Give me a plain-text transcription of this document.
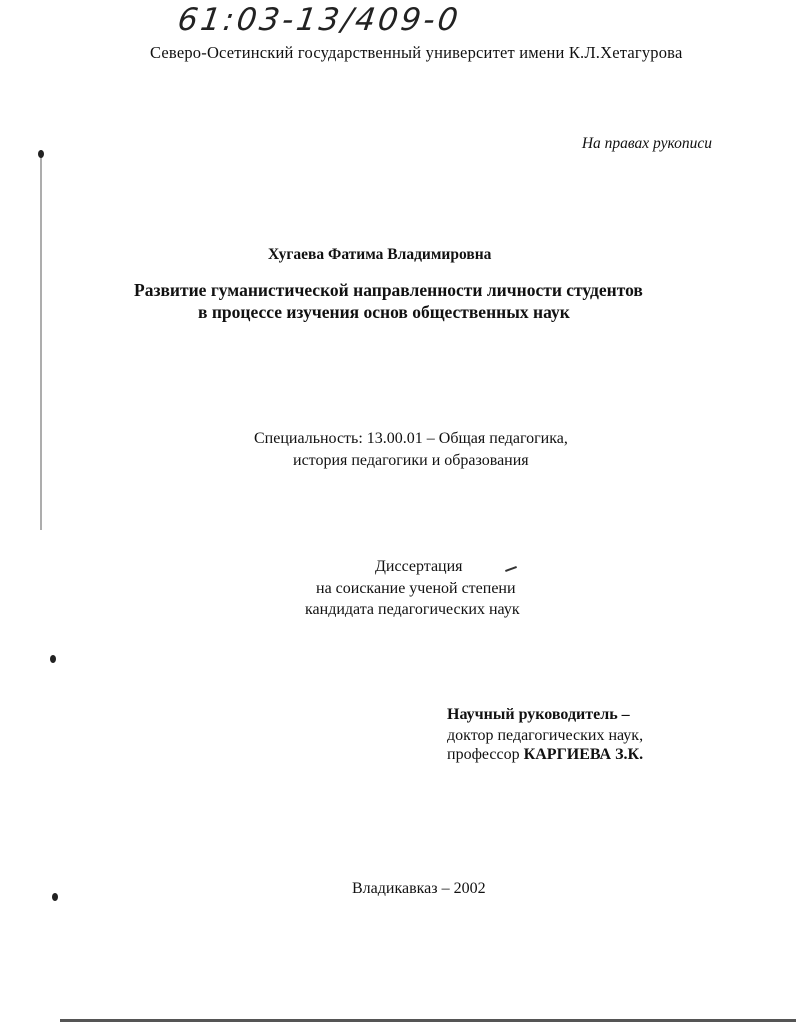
61:03-13/409-0
Северо-Осетинский государственный университет имени К.Л.Хетагурова
На правах рукописи
Хугаева Фатима Владимировна
Развитие гуманистической направленности личности студентов
в процессе изучения основ общественных наук
Специальность: 13.00.01 – Общая педагогика,
история педагогики и образования
Диссертация
на соискание ученой степени
кандидата педагогических наук
Научный руководитель –
доктор педагогических наук,
профессор КАРГИЕВА З.К.
Владикавказ – 2002
